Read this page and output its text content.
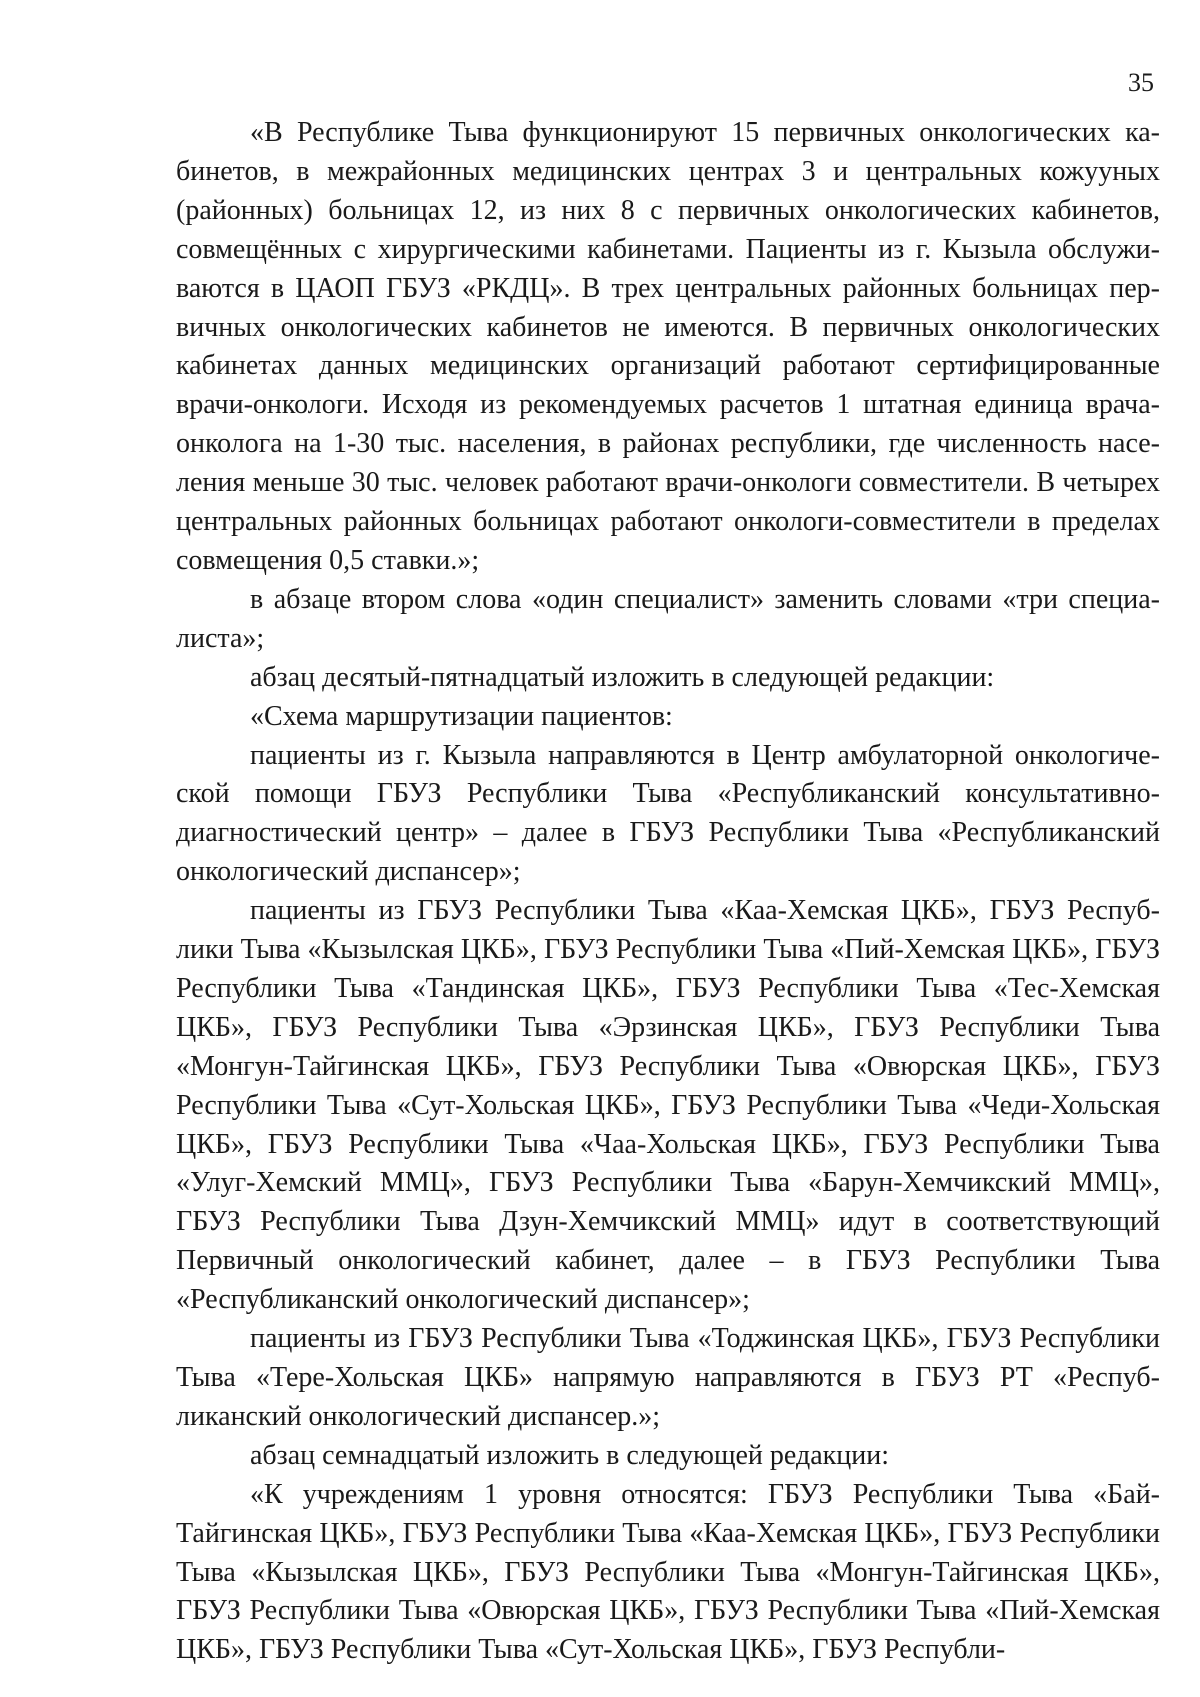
35

«В Республике Тыва функционируют 15 первичных онкологических кабинетов, в межрайонных медицинских центрах 3 и центральных кожууных (районных) больницах 12, из них 8 с первичных онкологических кабинетов, совмещённых с хирургическими кабинетами. Пациенты из г. Кызыла обслуживаются в ЦАОП ГБУЗ «РКДЦ». В трех центральных районных больницах первичных онкологических кабинетов не имеются. В первичных онкологических кабинетах данных медицинских организаций работают сертифицированные врачи-онкологи. Исходя из рекомендуемых расчетов 1 штатная единица врача-онколога на 1-30 тыс. населения, в районах республики, где численность населения меньше 30 тыс. человек работают врачи-онкологи совместители. В четырех центральных районных больницах работают онкологи-совместители в пределах совмещения 0,5 ставки.»;

в абзаце втором слова «один специалист» заменить словами «три специалиста»;

абзац десятый-пятнадцатый изложить в следующей редакции:

«Схема маршрутизации пациентов:

пациенты из г. Кызыла направляются в Центр амбулаторной онкологической помощи ГБУЗ Республики Тыва «Республиканский консультативно-диагностический центр» – далее в ГБУЗ Республики Тыва «Республиканский онкологический диспансер»;

пациенты из ГБУЗ Республики Тыва «Каа-Хемская ЦКБ», ГБУЗ Республики Тыва «Кызылская ЦКБ», ГБУЗ Республики Тыва «Пий-Хемская ЦКБ», ГБУЗ Республики Тыва «Тандинская ЦКБ», ГБУЗ Республики Тыва «Тес-Хемская ЦКБ», ГБУЗ Республики Тыва «Эрзинская ЦКБ», ГБУЗ Республики Тыва «Монгун-Тайгинская ЦКБ», ГБУЗ Республики Тыва «Овюрская ЦКБ», ГБУЗ Республики Тыва «Сут-Хольская ЦКБ», ГБУЗ Республики Тыва «Чеди-Хольская ЦКБ», ГБУЗ Республики Тыва «Чаа-Хольская ЦКБ», ГБУЗ Республики Тыва «Улуг-Хемский ММЦ», ГБУЗ Республики Тыва «Барун-Хемчикский ММЦ», ГБУЗ Республики Тыва Дзун-Хемчикский ММЦ» идут в соответствующий Первичный онкологический кабинет, далее – в ГБУЗ Республики Тыва «Республиканский онкологический диспансер»;

пациенты из ГБУЗ Республики Тыва «Тоджинская ЦКБ», ГБУЗ Республики Тыва «Тере-Хольская ЦКБ» напрямую направляются в ГБУЗ РТ «Республиканский онкологический диспансер.»;

абзац семнадцатый изложить в следующей редакции:

«К учреждениям 1 уровня относятся: ГБУЗ Республики Тыва «Бай-Тайгинская ЦКБ», ГБУЗ Республики Тыва «Каа-Хемская ЦКБ», ГБУЗ Республики Тыва «Кызылская ЦКБ», ГБУЗ Республики Тыва «Монгун-Тайгинская ЦКБ», ГБУЗ Республики Тыва «Овюрская ЦКБ», ГБУЗ Республики Тыва «Пий-Хемская ЦКБ», ГБУЗ Республики Тыва «Сут-Хольская ЦКБ», ГБУЗ Республи-
